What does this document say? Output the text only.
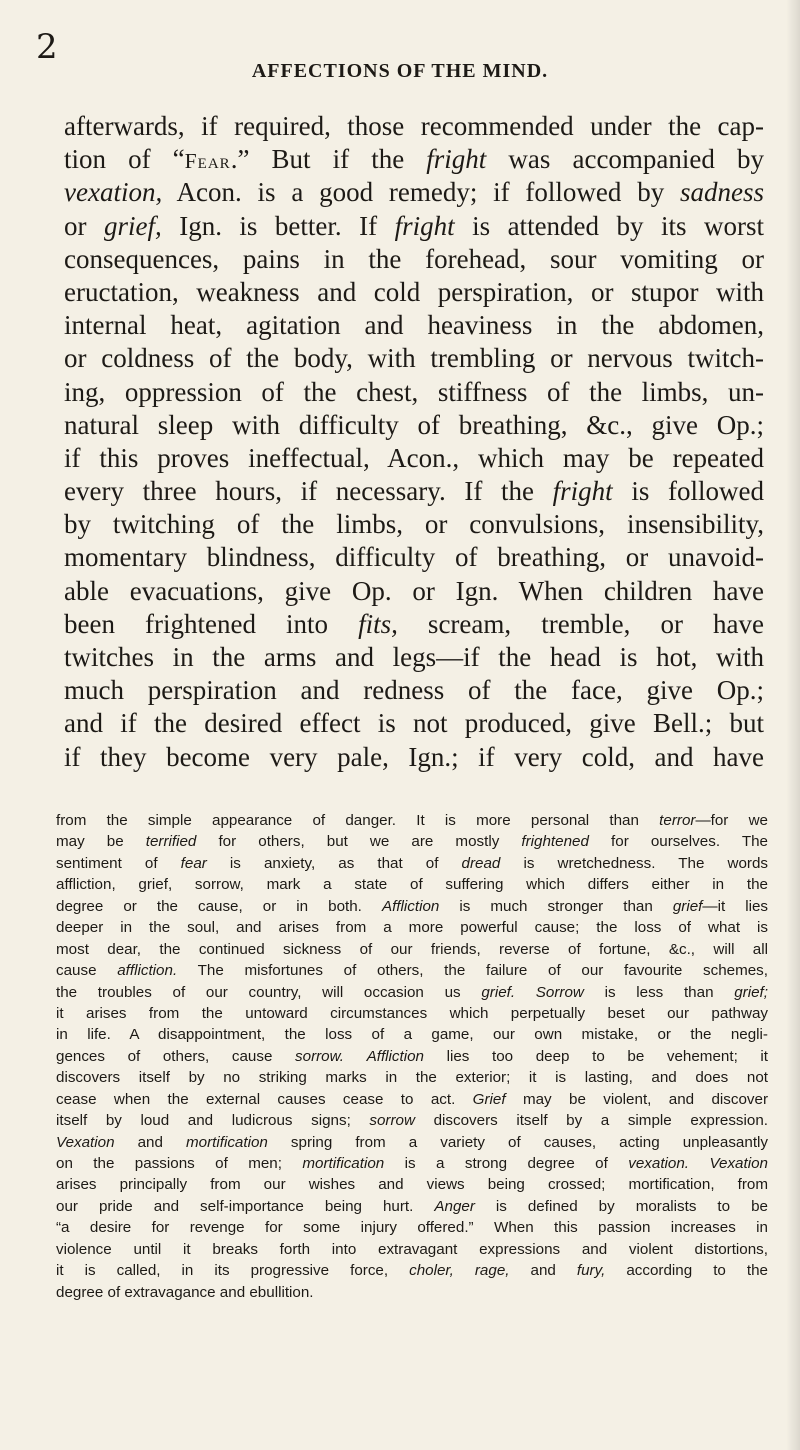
2
AFFECTIONS OF THE MIND.
afterwards, if required, those recommended under the cap-
tion of “Fear.” But if the fright was accompanied by
vexation, Acon. is a good remedy; if followed by sadness
or grief, Ign. is better. If fright is attended by its worst
consequences, pains in the forehead, sour vomiting or
eructation, weakness and cold perspiration, or stupor with
internal heat, agitation and heaviness in the abdomen,
or coldness of the body, with trembling or nervous twitch-
ing, oppression of the chest, stiffness of the limbs, un-
natural sleep with difficulty of breathing, &c., give Op.;
if this proves ineffectual, Acon., which may be repeated
every three hours, if necessary. If the fright is followed
by twitching of the limbs, or convulsions, insensibility,
momentary blindness, difficulty of breathing, or unavoid-
able evacuations, give Op. or Ign. When children have
been frightened into fits, scream, tremble, or have
twitches in the arms and legs—if the head is hot, with
much perspiration and redness of the face, give Op.;
and if the desired effect is not produced, give Bell.; but
if they become very pale, Ign.; if very cold, and have
from the simple appearance of danger. It is more personal than terror—for we
may be terrified for others, but we are mostly frightened for ourselves. The
sentiment of fear is anxiety, as that of dread is wretchedness. The words
affliction, grief, sorrow, mark a state of suffering which differs either in the
degree or the cause, or in both. Affliction is much stronger than grief—it lies
deeper in the soul, and arises from a more powerful cause; the loss of what is
most dear, the continued sickness of our friends, reverse of fortune, &c., will all
cause affliction. The misfortunes of others, the failure of our favourite schemes,
the troubles of our country, will occasion us grief. Sorrow is less than grief;
it arises from the untoward circumstances which perpetually beset our pathway
in life. A disappointment, the loss of a game, our own mistake, or the negli-
gences of others, cause sorrow. Affliction lies too deep to be vehement; it
discovers itself by no striking marks in the exterior; it is lasting, and does not
cease when the external causes cease to act. Grief may be violent, and discover
itself by loud and ludicrous signs; sorrow discovers itself by a simple expression.
Vexation and mortification spring from a variety of causes, acting unpleasantly
on the passions of men; mortification is a strong degree of vexation. Vexation
arises principally from our wishes and views being crossed; mortification, from
our pride and self-importance being hurt. Anger is defined by moralists to be
“a desire for revenge for some injury offered.” When this passion increases in
violence until it breaks forth into extravagant expressions and violent distortions,
it is called, in its progressive force, choler, rage, and fury, according to the
degree of extravagance and ebullition.
